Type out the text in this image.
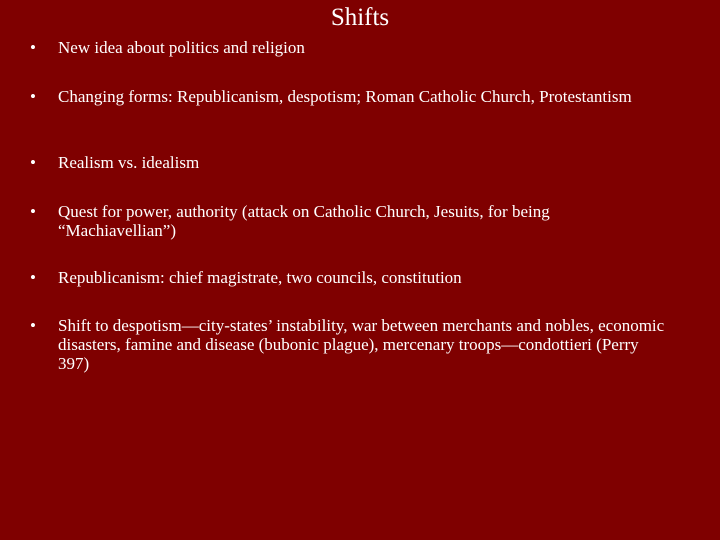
Shifts
• New idea about politics and religion
• Changing forms: Republicanism, despotism; Roman Catholic Church, Protestantism
• Realism vs. idealism
• Quest for power, authority (attack on Catholic Church, Jesuits, for being “Machiavellian”)
• Republicanism: chief magistrate, two councils, constitution
• Shift to despotism—city-states’ instability, war between merchants and nobles, economic disasters, famine and disease (bubonic plague), mercenary troops—condottieri (Perry 397)
